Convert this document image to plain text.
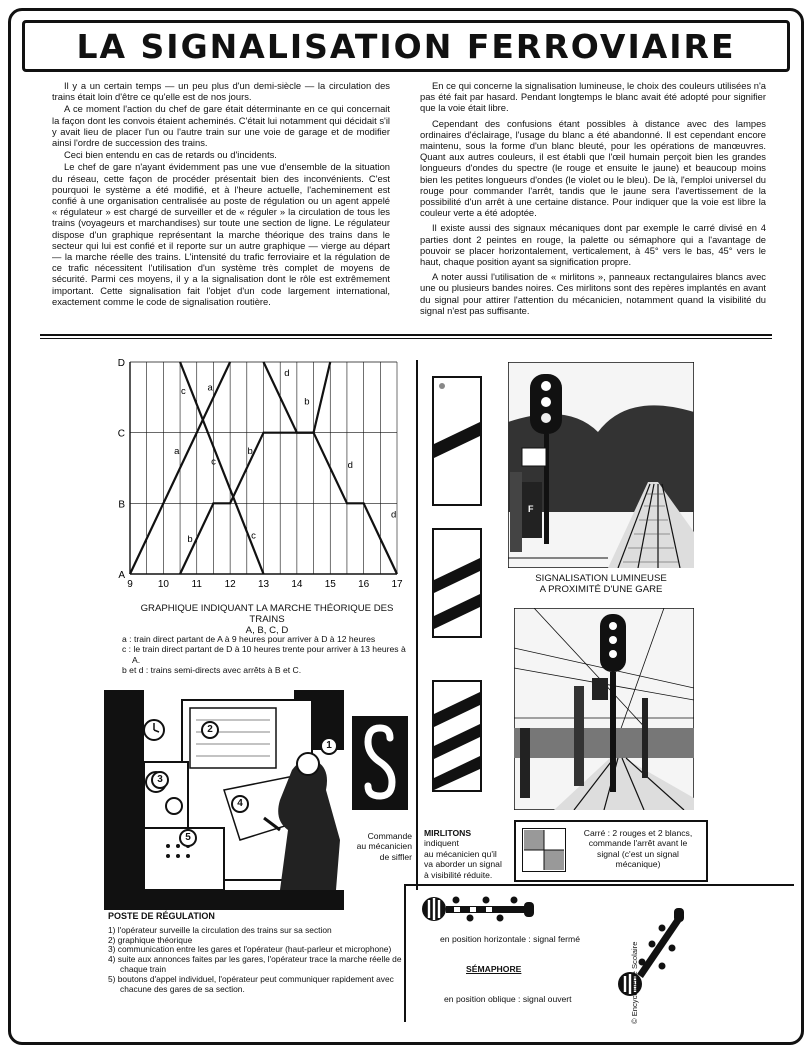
LA SIGNALISATION FERROVIAIRE

Il y a un certain temps — un peu plus d'un demi-siècle — la circulation des trains était loin d'être ce qu'elle est de nos jours.

A ce moment l'action du chef de gare était déterminante en ce qui concernait la façon dont les convois étaient acheminés. C'était lui notamment qui décidait s'il y avait lieu de placer l'un ou l'autre train sur une voie de garage et de modifier ainsi l'ordre de succession des trains.

Ceci bien entendu en cas de retards ou d'incidents.

Le chef de gare n'ayant évidemment pas une vue d'ensemble de la situation du réseau, cette façon de procéder présentait bien des inconvénients. C'est pourquoi le système a été modifié, et à l'heure actuelle, l'acheminement est confié à une organisation centralisée au poste de régulation ou un agent appelé « régulateur » est chargé de surveiller et de « réguler » la circulation de tous les trains (voyageurs et marchandises) sur toute une section de ligne. Le régulateur dispose d'un graphique représentant la marche théorique des trains dans le secteur qui lui est confié et il reporte sur un autre graphique — vierge au départ — la marche réelle des trains. L'intensité du trafic ferroviaire et la régulation de ce trafic nécessitent l'utilisation d'un système très complet de moyens de sécurité. Parmi ces moyens, il y a la signalisation dont le rôle est extrêmement important. Cette signalisation fait l'objet d'un code largement international, exactement comme le code de signalisation routière.

En ce qui concerne la signalisation lumineuse, le choix des couleurs utilisées n'a pas été fait par hasard. Pendant longtemps le blanc avait été adopté pour signifier que la voie était libre.

Cependant des confusions étant possibles à distance avec des lampes ordinaires d'éclairage, l'usage du blanc a été abandonné. Il est cependant encore maintenu, sous la forme d'un blanc bleuté, pour les opérations de manœuvres. Quant aux autres couleurs, il est établi que l'œil humain perçoit bien les grandes longueurs d'ondes du spectre (le rouge et ensuite le jaune) et beaucoup moins bien les petites longueurs d'ondes (le violet ou le bleu). De là, l'emploi universel du rouge pour commander l'arrêt, tandis que le jaune sera l'avertissement de la possibilité d'un arrêt à une certaine distance. Pour indiquer que la voie est libre la couleur verte a été adoptée.

Il existe aussi des signaux mécaniques dont par exemple le carré divisé en 4 parties dont 2 peintes en rouge, la palette ou sémaphore qui a l'avantage de pouvoir se placer horizontalement, verticalement, à 45° vers le bas, 45° vers le haut, chaque position ayant sa signification propre.

A noter aussi l'utilisation de « mirlitons », panneaux rectangulaires blancs avec une ou plusieurs bandes noires. Ces mirlitons sont des repères implantés en avant du signal pour attirer l'attention du mécanicien, notamment quand la visibilité du signal n'est pas suffisante.

9	10 11 12 13 14 15 16 17
A
B
C
D
c a
d
b
a
c
b
d
b	c
d
GRAPHIQUE INDIQUANT LA MARCHE THÉORIQUE DES TRAINS
A, B, C, D
a : train direct partant de A à 9 heures pour arriver à D à 12 heures
c : le train direct partant de D à 10 heures trente pour arriver à 13 heures à A.
b et d : trains semi-directs avec arrêts à B et C.
F
SIGNALISATION LUMINEUSE
A PROXIMITÉ D'UNE GARE
Commande
au mécanicien
de siffler
1
2
3
4
5
POSTE DE RÉGULATION
1) l'opérateur surveille la circulation des trains sur sa section
2) graphique théorique
3) communication entre les gares et l'opérateur (haut-parleur et microphone)
4) suite aux annonces faites par les gares, l'opérateur trace la marche réelle de chaque train
5) boutons d'appel individuel, l'opérateur peut communiquer rapidement avec chacune des gares de sa section.
MIRLITONS
indiquent
au mécanicien qu'il
va aborder un signal
à visibilité réduite.
Carré : 2 rouges et 2 blancs,
commande l'arrêt avant le
signal (c'est un signal
mécanique)
en position horizontale : signal fermé
SÉMAPHORE
en position oblique : signal ouvert	© Encyclopédie Scolaire
